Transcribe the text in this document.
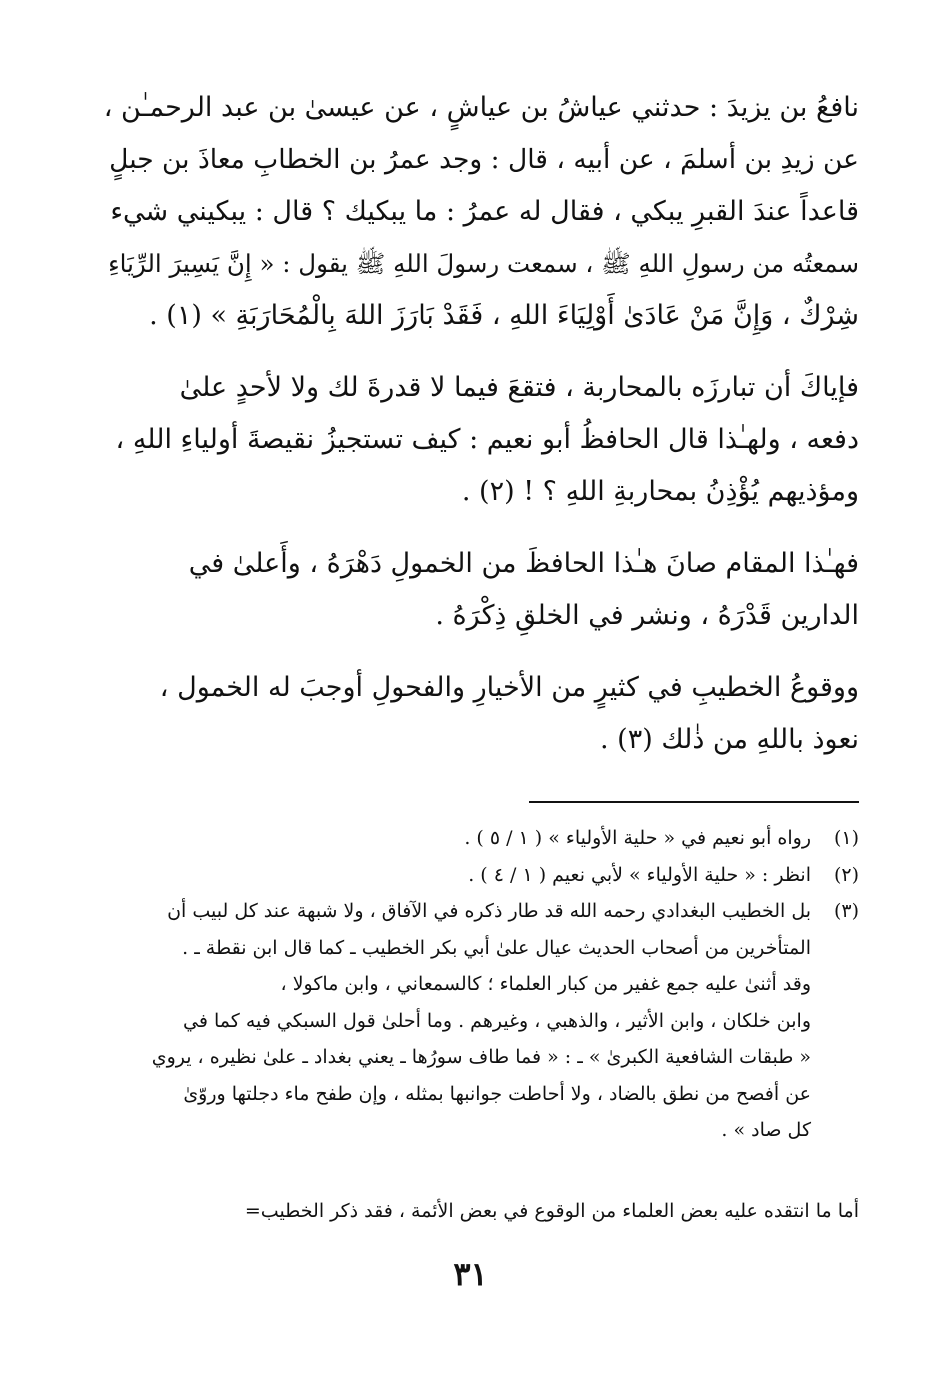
نافعُ بن يزيدَ : حدثني عياشُ بن عياشٍ ، عن عيسىٰ بن عبد الرحمـٰن ،

عن زيدِ بن أسلمَ ، عن أبيه ، قال : وجد عمرُ بن الخطابِ معاذَ بن جبلٍ

قاعداً عندَ القبرِ يبكي ، فقال له عمرُ : ما يبكيك ؟ قال : يبكيني شيء

سمعتُه من رسولِ اللهِ ﷺ ، سمعت رسولَ اللهِ ﷺ يقول : « إِنَّ يَسِيرَ الرِّيَاءِ

شِرْكٌ ، وَإِنَّ مَنْ عَادَىٰ أَوْلِيَاءَ اللهِ ، فَقَدْ بَارَزَ اللهَ بِالْمُحَارَبَةِ » (١) .

فإياكَ أن تبارزَه بالمحاربة ، فتقعَ فيما لا قدرةَ لك ولا لأحدٍ علىٰ

دفعه ، ولهـٰذا قال الحافظُ أبو نعيم : كيف تستجيزُ نقيصةَ أولياءِ اللهِ ،

ومؤذيهم يُؤْذِنُ بمحاربةِ اللهِ ؟ ! (٢) .

فهـٰذا المقام صانَ هـٰذا الحافظَ من الخمولِ دَهْرَهُ ، وأَعلىٰ في

الدارين قَدْرَهُ ، ونشر في الخلقِ ذِكْرَهُ .

ووقوعُ الخطيبِ في كثيرٍ من الأخيارِ والفحولِ أوجبَ له الخمول ،

نعوذ باللهِ من ذٰلك (٣) .

(١)
رواه أبو نعيم في « حلية الأولياء » ( ١ / ٥ ) .
(٢)
انظر : « حلية الأولياء » لأبي نعيم ( ١ / ٤ ) .
(٣)
بل الخطيب البغدادي رحمه الله قد طار ذكره في الآفاق ، ولا شبهة عند كل لبيب أن
المتأخرين من أصحاب الحديث عيال علىٰ أبي بكر الخطيب ـ كما قال ابن نقطة ـ .
وقد أثنىٰ عليه جمع غفير من كبار العلماء ؛ كالسمعاني ، وابن ماكولا ،
وابن خلكان ، وابن الأثير ، والذهبي ، وغيرهم . وما أحلىٰ قول السبكي فيه كما في
« طبقات الشافعية الكبرىٰ » ـ : « فما طاف سورُها ـ يعني بغداد ـ علىٰ نظيره ، يروي
عن أفصح من نطق بالضاد ، ولا أحاطت جوانبها بمثله ، وإن طفح ماء دجلتها وروّىٰ
كل صاد » .
أما ما انتقده عليه بعض العلماء من الوقوع في بعض الأئمة ، فقد ذكر الخطيب=
٣١
